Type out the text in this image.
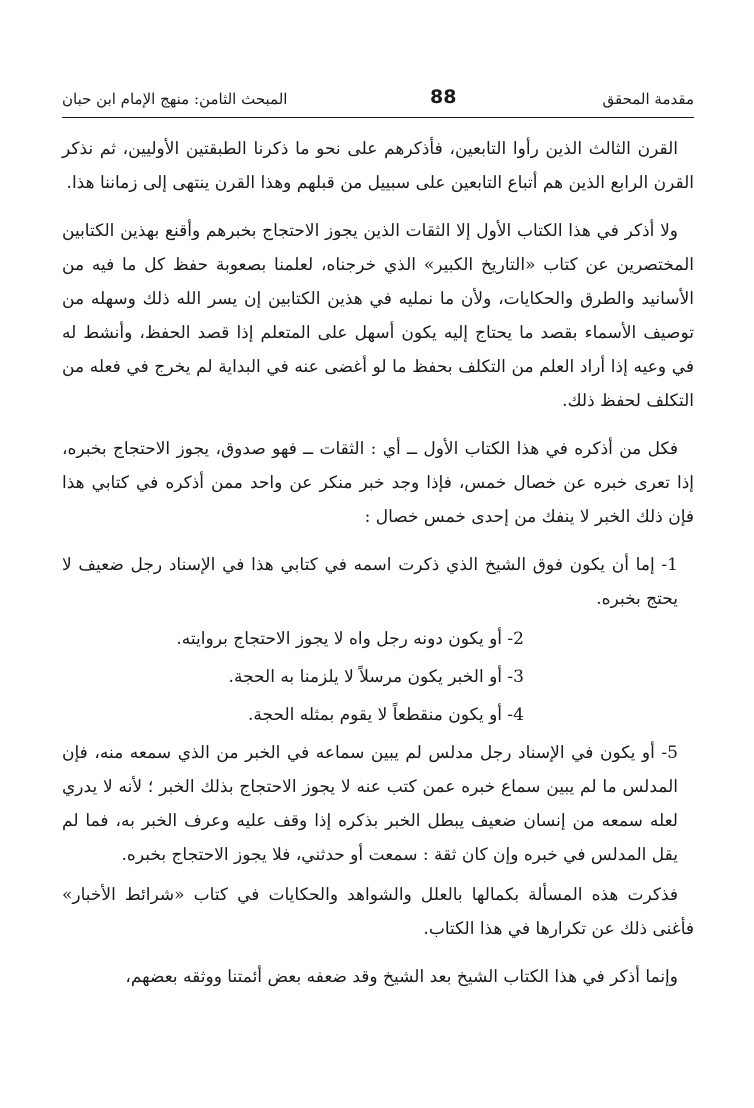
مقدمة المحقق
88
المبحث الثامن: منهج الإمام ابن حبان

القرن الثالث الذين رأوا التابعين، فأذكرهم على نحو ما ذكرنا الطبقتين الأوليين، ثم نذكر القرن الرابع الذين هم أتباع التابعين على سبييل من قبلهم وهذا القرن ينتهى إلى زماننا هذا.

ولا أذكر في هذا الكتاب الأول إلا الثقات الذين يجوز الاحتجاج بخبرهم وأقنع بهذين الكتابين المختصرين عن كتاب «التاريخ الكبير» الذي خرجناه، لعلمنا بصعوبة حفظ كل ما فيه من الأسانيد والطرق والحكايات، ولأن ما نمليه في هذين الكتابين إن يسر الله ذلك وسهله من توصيف الأسماء بقصد ما يحتاج إليه يكون أسهل على المتعلم إذا قصد الحفظ، وأنشط له في وعيه إذا أراد العلم من التكلف بحفظ ما لو أغضى عنه في البداية لم يخرج في فعله من التكلف لحفظ ذلك.

فكل من أذكره في هذا الكتاب الأول ــ أي : الثقات ــ فهو صدوق، يجوز الاحتجاج بخبره، إذا تعرى خبره عن خصال خمس، فإذا وجد خبر منكر عن واحد ممن أذكره في كتابي هذا فإن ذلك الخبر لا ينفك من إحدى خمس خصال :

1- إما أن يكون فوق الشيخ الذي ذكرت اسمه في كتابي هذا في الإسناد رجل ضعيف لا يحتج بخبره.

2- أو يكون دونه رجل واه لا يجوز الاحتجاج بروايته.

3- أو الخبر يكون مرسلاً لا يلزمنا به الحجة.

4- أو يكون منقطعاً لا يقوم بمثله الحجة.

5- أو يكون في الإسناد رجل مدلس لم يبين سماعه في الخبر من الذي سمعه منه، فإن المدلس ما لم يبين سماع خبره عمن كتب عنه لا يجوز الاحتجاج بذلك الخبر ؛ لأنه لا يدري لعله سمعه من إنسان ضعيف يبطل الخبر بذكره إذا وقف عليه وعرف الخبر به، فما لم يقل المدلس في خبره وإن كان ثقة : سمعت أو حدثني، فلا يجوز الاحتجاج بخبره.

فذكرت هذه المسألة بكمالها بالعلل والشواهد والحكايات في كتاب «شرائط الأخبار» فأغنى ذلك عن تكرارها في هذا الكتاب.

وإنما أذكر في هذا الكتاب الشيخ بعد الشيخ وقد ضعفه بعض أئمتنا ووثقه بعضهم،
